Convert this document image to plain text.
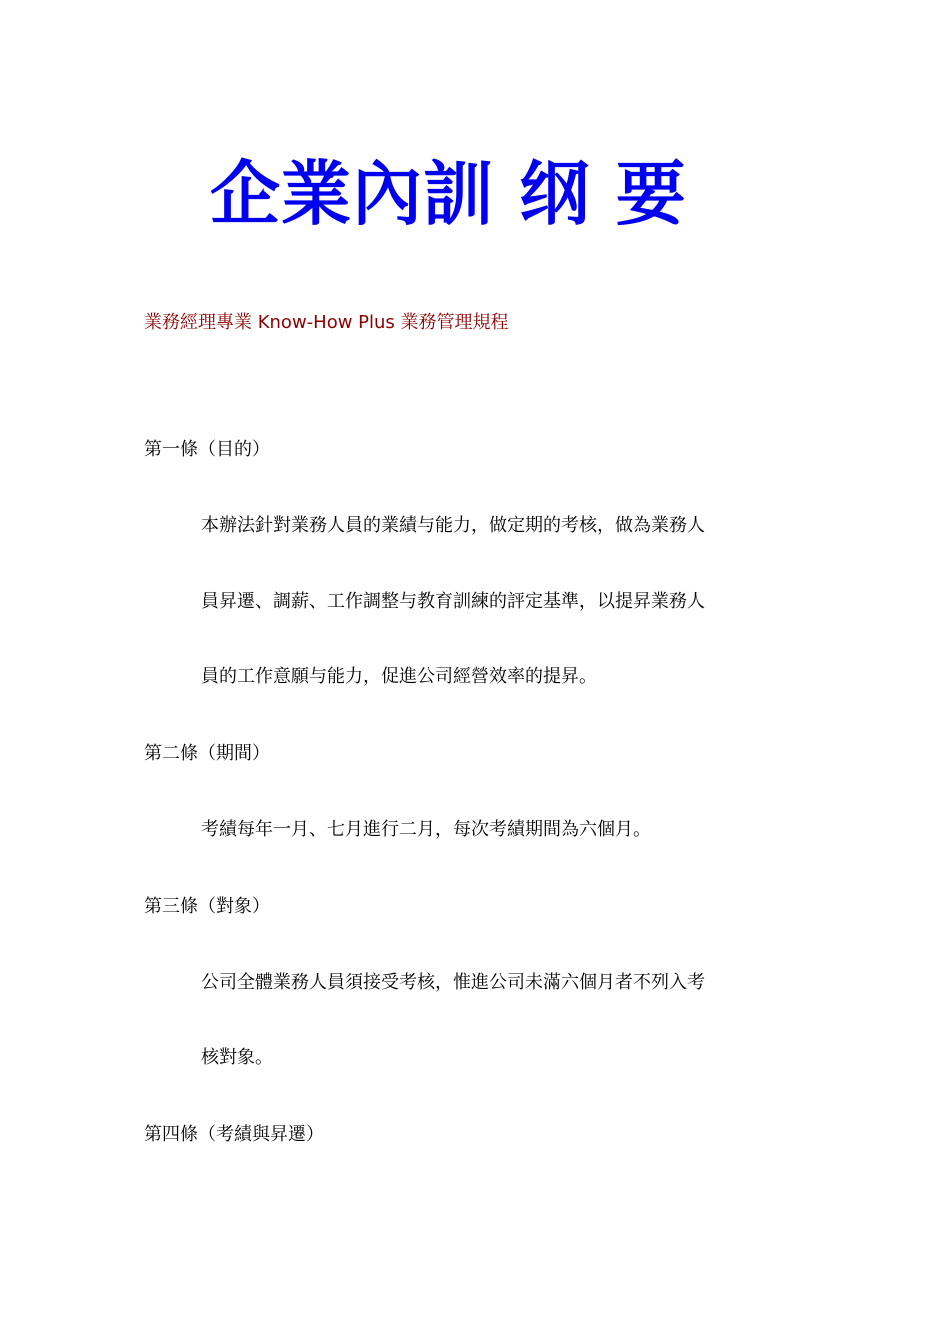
企業內訓 纲 要
業務經理專業 Know-How Plus 業務管理規程
第一條（目的）
本辦法針對業務人員的業績与能力，做定期的考核，做為業務人
員昇遷、調薪、工作調整与教育訓練的評定基準，以提昇業務人
員的工作意願与能力，促進公司經營效率的提昇。
第二條（期間）
考績每年一月、七月進行二月，每次考績期間為六個月。
第三條（對象）
公司全體業務人員須接受考核，惟進公司未滿六個月者不列入考
核對象。
第四條（考績與昇遷）
